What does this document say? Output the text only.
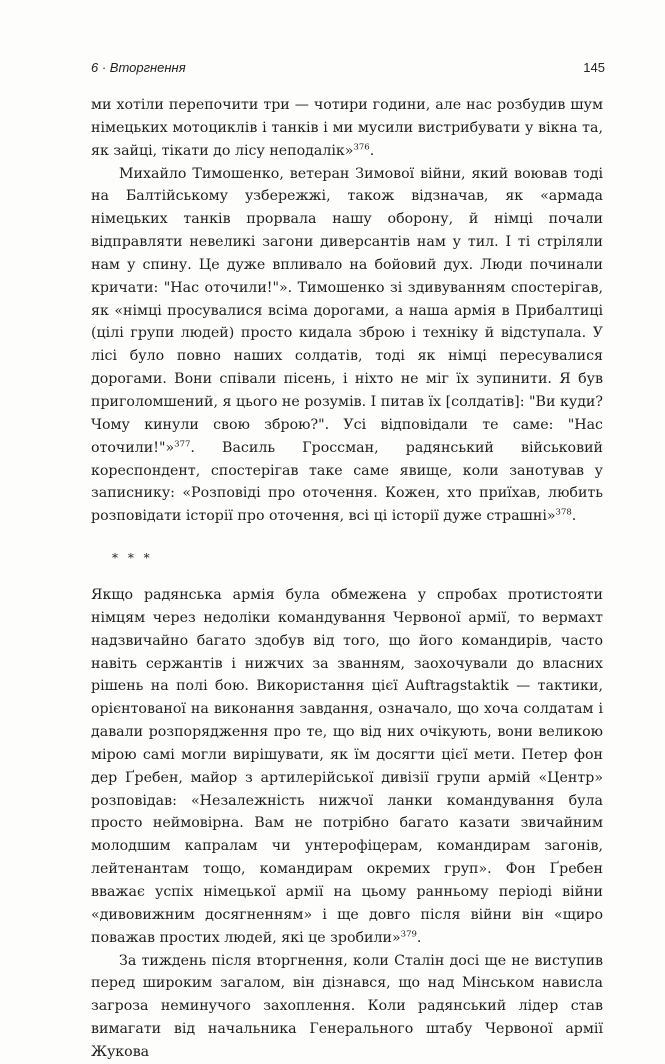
6 · Вторгнення	145

ми хотіли перепочити три — чотири години, але нас розбудив шум німецьких мотоциклів і танків і ми мусили вистрибувати у вікна та, як зайці, тікати до лісу неподалік»$^{376}$.

Михайло Тимошенко, ветеран Зимової війни, який воював тоді на Балтійському узбережжі, також відзначав, як «армада німецьких танків прорвала нашу оборону, й німці почали відправляти невеликі загони диверсантів нам у тил. І ті стріляли нам у спину. Це дуже впливало на бойовий дух. Люди починали кричати: "Нас оточили!"». Тимошенко зі здивуванням спостерігав, як «німці просувалися всіма дорогами, а наша армія в Прибалтиці (цілі групи людей) просто кидала зброю і техніку й відступала. У лісі було повно наших солдатів, тоді як німці пересувалися дорогами. Вони співали пісень, і ніхто не міг їх зупинити. Я був приголомшений, я цього не розумів. І питав їх [солдатів]: "Ви куди? Чому кинули свою зброю?". Усі відповідали те саме: "Нас оточили!"»$^{377}$. Василь Гроссман, радянський військовий кореспондент, спостерігав таке саме явище, коли занотував у записнику: «Розповіді про оточення. Кожен, хто приїхав, любить розповідати історії про оточення, всі ці історії дуже страшні»$^{378}$.

* * *

Якщо радянська армія була обмежена у спробах протистояти німцям через недоліки командування Червоної армії, то вермахт надзвичайно багато здобув від того, що його командирів, часто навіть сержантів і нижчих за званням, заохочували до власних рішень на полі бою. Використання цієї Auftragstaktik — тактики, орієнтованої на виконання завдання, означало, що хоча солдатам і давали розпорядження про те, що від них очікують, вони великою мірою самі могли вирішувати, як їм досягти цієї мети. Петер фон дер Ґребен, майор з артилерійської дивізії групи армій «Центр» розповідав: «Незалежність нижчої ланки командування була просто неймовірна. Вам не потрібно багато казати звичайним молодшим капралам чи унтерофіцерам, командирам загонів, лейтенантам тощо, командирам окремих груп». Фон Ґребен вважає успіх німецької армії на цьому ранньому періоді війни «дивовижним досягненням» і ще довго після війни він «щиро поважав простих людей, які це зробили»$^{379}$.

За тиждень після вторгнення, коли Сталін досі ще не виступив перед широким загалом, він дізнався, що над Мінськом нависла загроза неминучого захоплення. Коли радянський лідер став вимагати від начальника Генерального штабу Червоної армії Жукова
